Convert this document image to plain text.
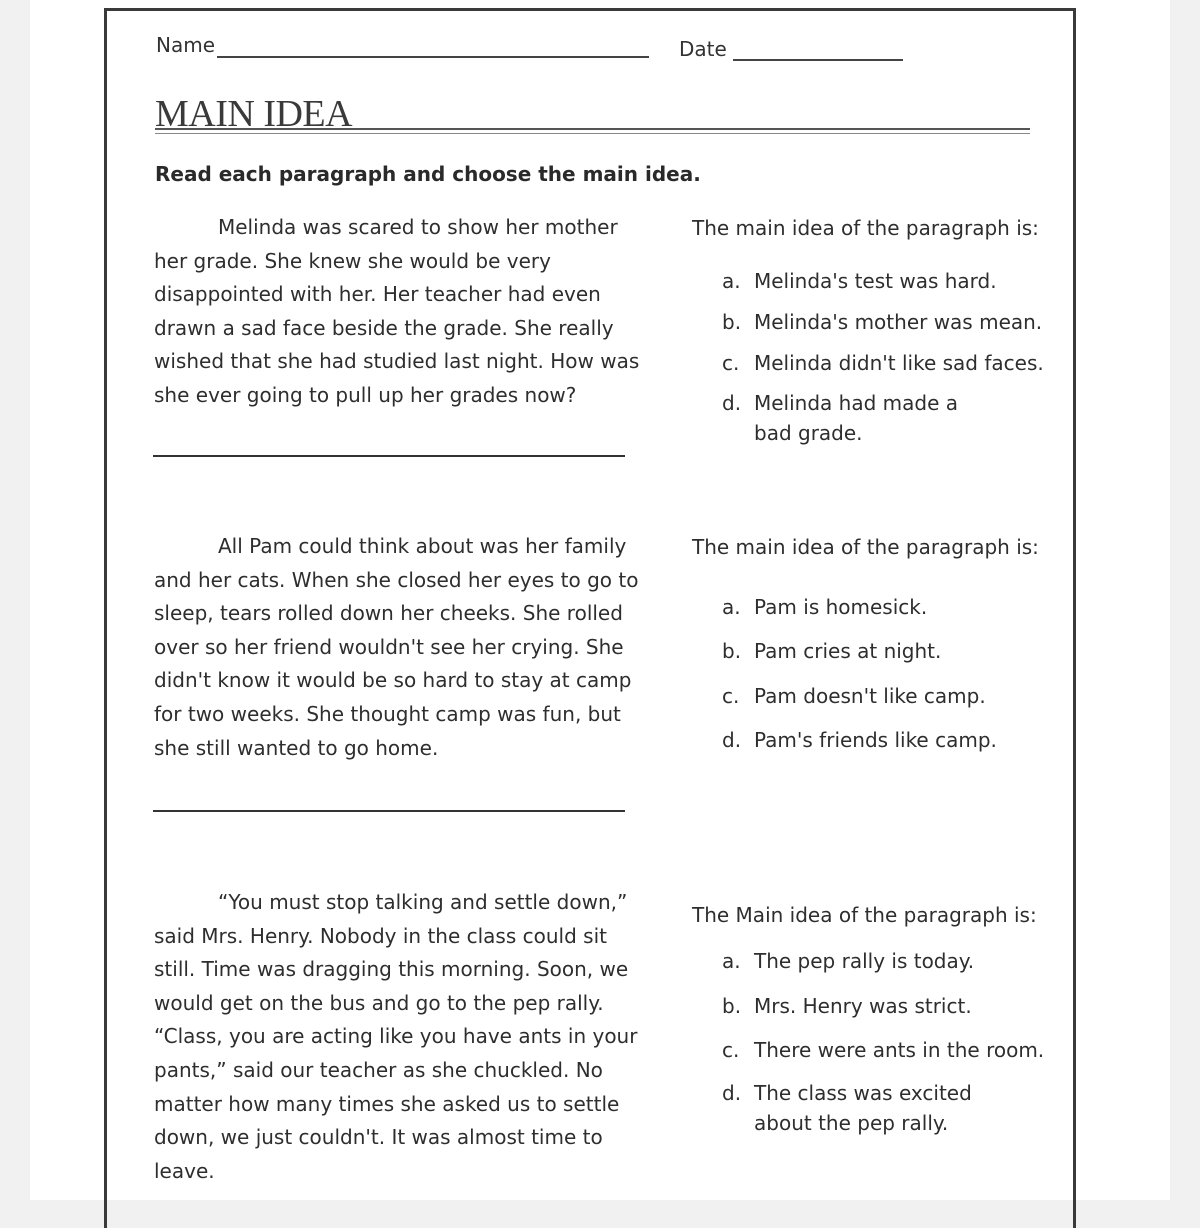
Name	Date
MAIN IDEA
Read each paragraph and choose the main idea.

Melinda was scared to show her mother her grade. She knew she would be very disappointed with her. Her teacher had even drawn a sad face beside the grade. She really wished that she had studied last night. How was she ever going to pull up her grades now?

The main idea of the paragraph is:
a. Melinda's test was hard.
b. Melinda's mother was mean.
c. Melinda didn't like sad faces.
d. Melinda had made a bad grade.

All Pam could think about was her family and her cats. When she closed her eyes to go to sleep, tears rolled down her cheeks. She rolled over so her friend wouldn't see her crying. She didn't know it would be so hard to stay at camp for two weeks. She thought camp was fun, but she still wanted to go home.

The main idea of the paragraph is:
a. Pam is homesick.
b. Pam cries at night.
c. Pam doesn't like camp.
d. Pam's friends like camp.

“You must stop talking and settle down,” said Mrs. Henry. Nobody in the class could sit still. Time was dragging this morning. Soon, we would get on the bus and go to the pep rally. “Class, you are acting like you have ants in your pants,” said our teacher as she chuckled. No matter how many times she asked us to settle down, we just couldn't. It was almost time to leave.

The Main idea of the paragraph is:
a. The pep rally is today.
b. Mrs. Henry was strict.
c. There were ants in the room.
d. The class was excited about the pep rally.
